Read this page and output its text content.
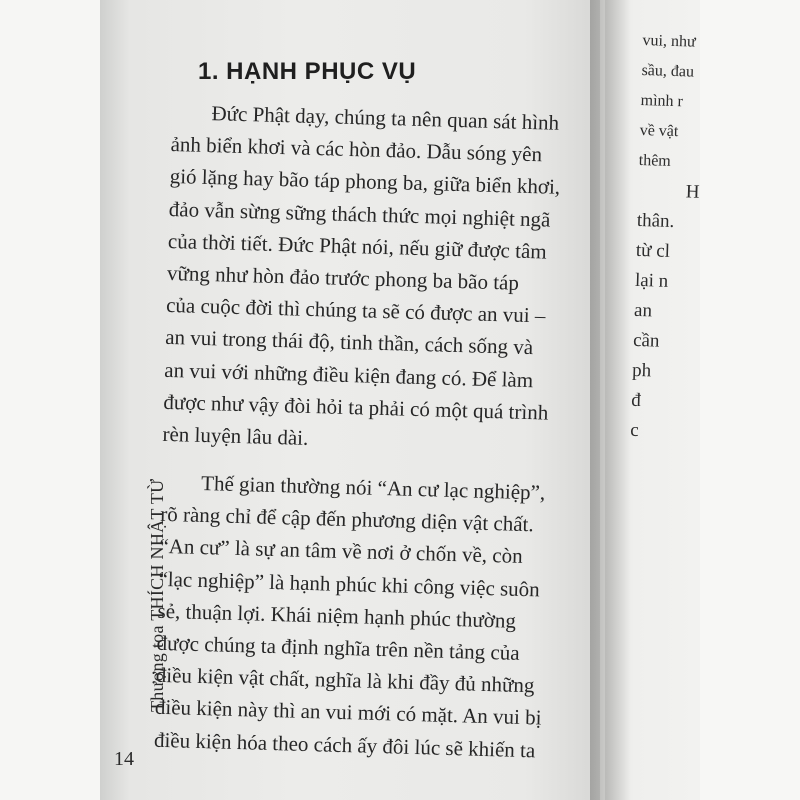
1. HẠNH PHỤC VỤ
Đức Phật dạy, chúng ta nên quan sát hình
ảnh biển khơi và các hòn đảo. Dẫu sóng yên
gió lặng hay bão táp phong ba, giữa biển khơi,
đảo vẫn sừng sững thách thức mọi nghiệt ngã
của thời tiết. Đức Phật nói, nếu giữ được tâm
vững như hòn đảo trước phong ba bão táp
của cuộc đời thì chúng ta sẽ có được an vui –
an vui trong thái độ, tinh thần, cách sống và
an vui với những điều kiện đang có. Để làm
được như vậy đòi hỏi ta phải có một quá trình
rèn luyện lâu dài.
Thế gian thường nói “An cư lạc nghiệp”,
rõ ràng chỉ để cập đến phương diện vật chất.
“An cư” là sự an tâm về nơi ở chốn về, còn
“lạc nghiệp” là hạnh phúc khi công việc suôn
sẻ, thuận lợi. Khái niệm hạnh phúc thường
được chúng ta định nghĩa trên nền tảng của
điều kiện vật chất, nghĩa là khi đầy đủ những
điều kiện này thì an vui mới có mặt. An vui bị
điều kiện hóa theo cách ấy đôi lúc sẽ khiến ta
Thượng tọa THÍCH NHẬT TỪ
14
vui, như
sầu, đau
mình r
về vật
thêm
H
thân.
từ cl
lại n
an
cần
ph
đ
c
